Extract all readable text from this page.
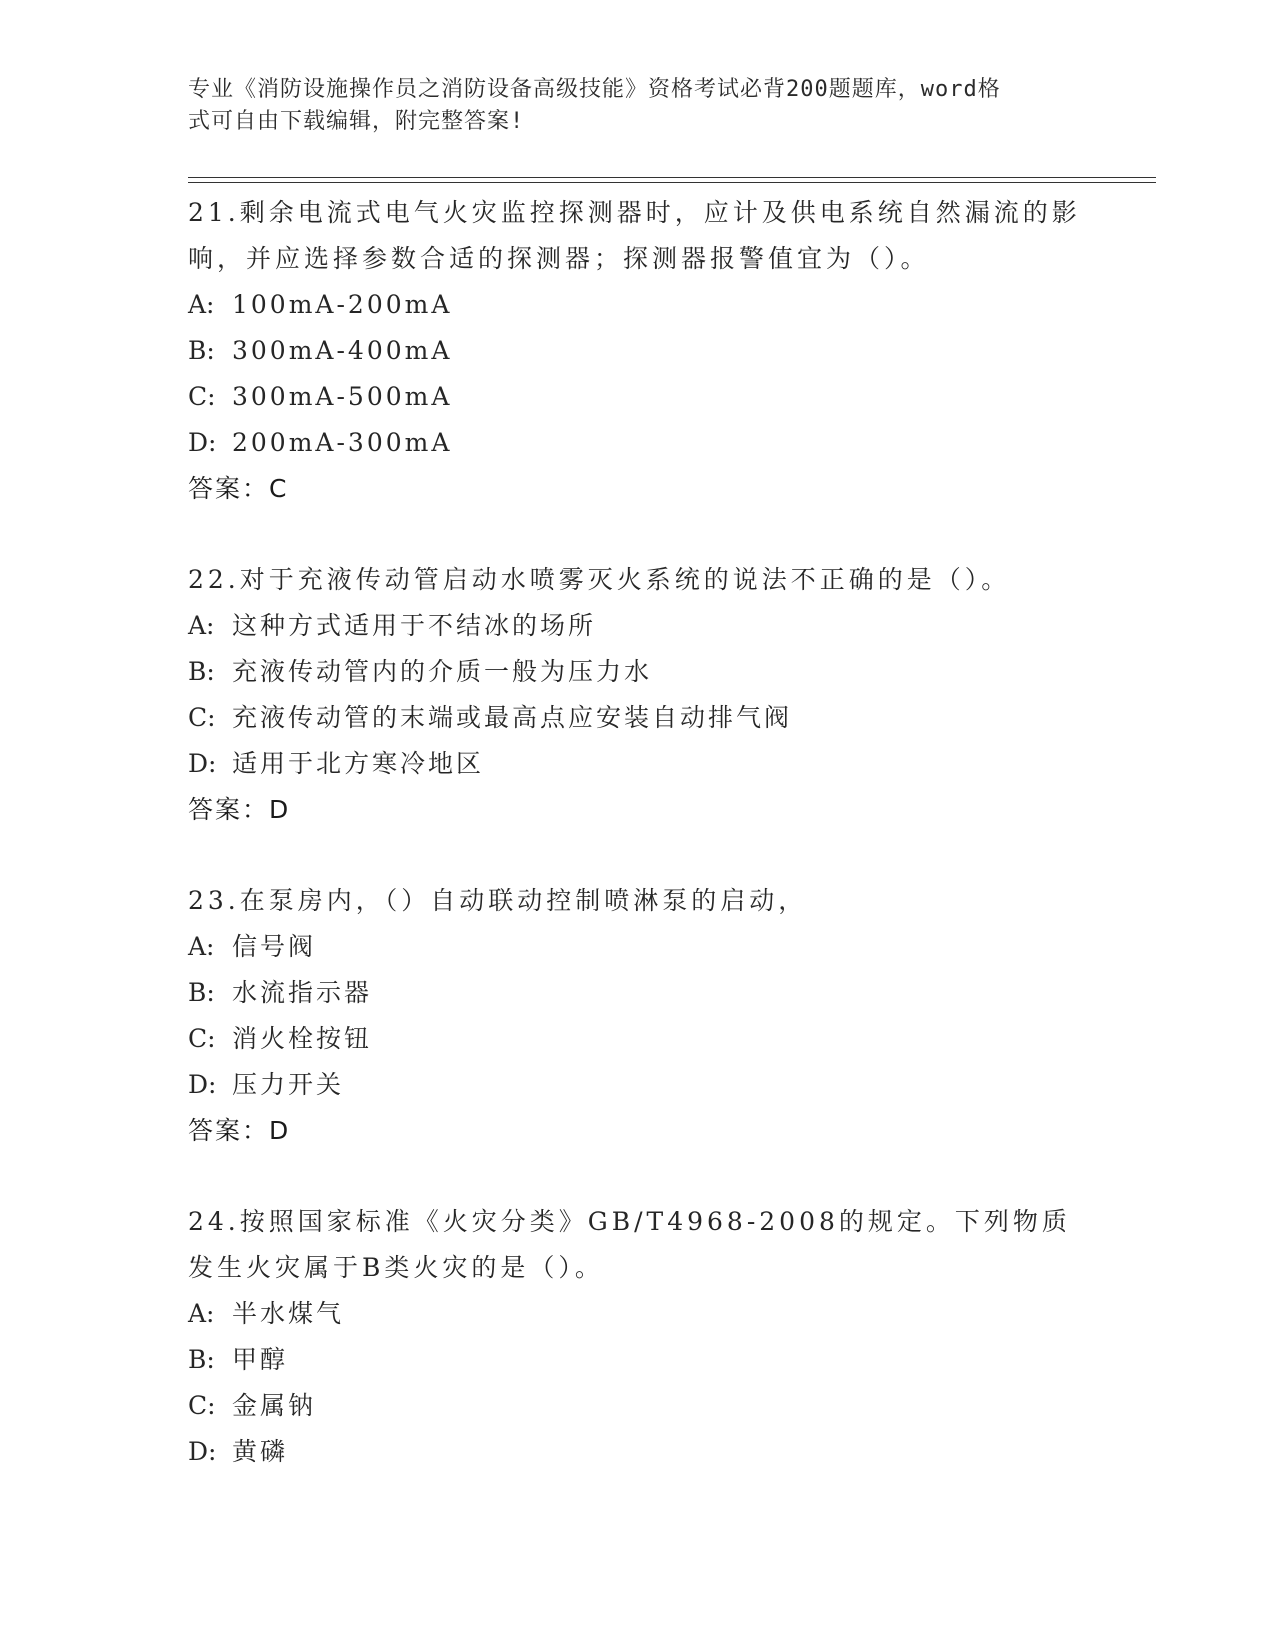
专业《消防设施操作员之消防设备高级技能》资格考试必背200题题库，word格
式可自由下载编辑，附完整答案!
21.剩余电流式电气火灾监控探测器时，应计及供电系统自然漏流的影响，并应选择参数合适的探测器；探测器报警值宜为（）。
A: 100mA-200mA
B: 300mA-400mA
C: 300mA-500mA
D: 200mA-300mA
答案：C
22.对于充液传动管启动水喷雾灭火系统的说法不正确的是（）。
A: 这种方式适用于不结冰的场所
B: 充液传动管内的介质一般为压力水
C: 充液传动管的末端或最高点应安装自动排气阀
D: 适用于北方寒冷地区
答案：D
23.在泵房内，（）自动联动控制喷淋泵的启动，
A: 信号阀
B: 水流指示器
C: 消火栓按钮
D: 压力开关
答案：D
24.按照国家标准《火灾分类》GB/T4968-2008的规定。下列物质发生火灾属于B类火灾的是（）。
A: 半水煤气
B: 甲醇
C: 金属钠
D: 黄磷
